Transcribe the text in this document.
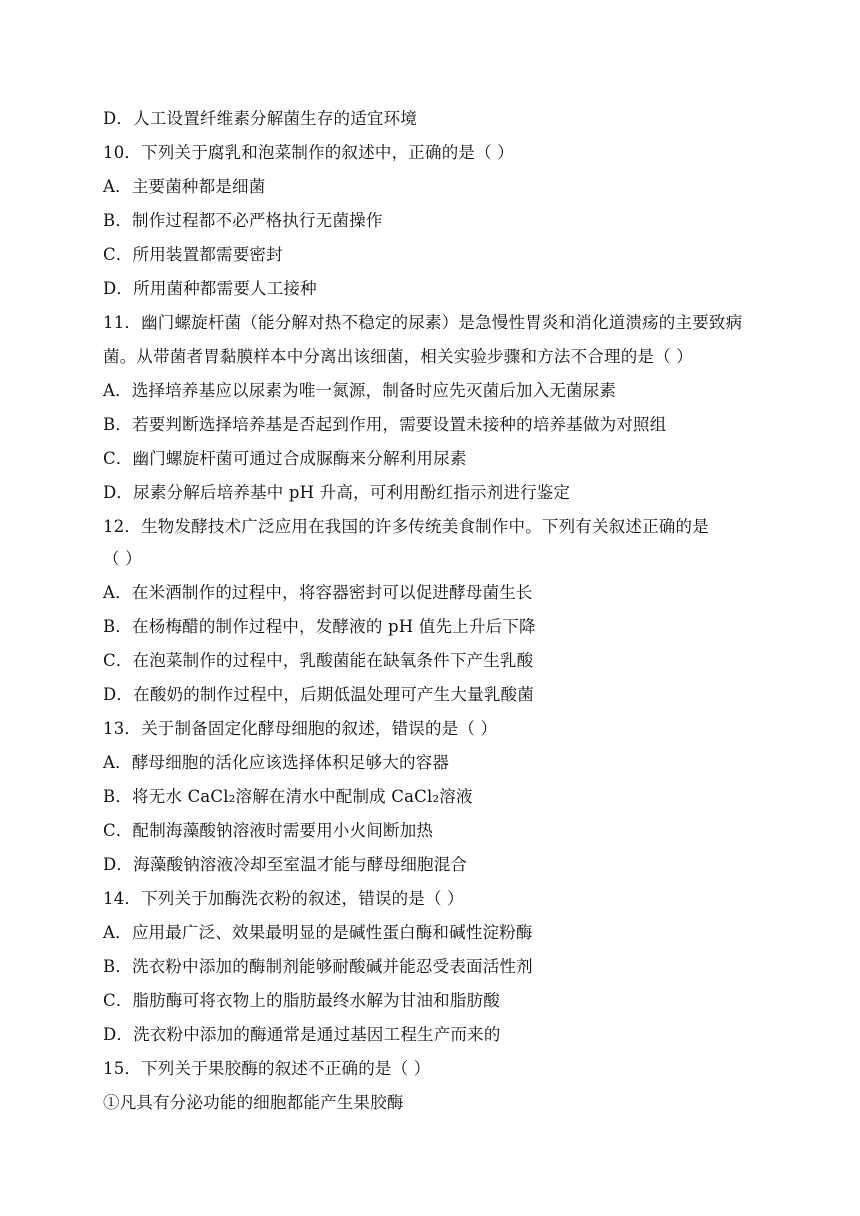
D．人工设置纤维素分解菌生存的适宜环境
10．下列关于腐乳和泡菜制作的叙述中，正确的是（ ）
A．主要菌种都是细菌
B．制作过程都不必严格执行无菌操作
C．所用装置都需要密封
D．所用菌种都需要人工接种
11．幽门螺旋杆菌（能分解对热不稳定的尿素）是急慢性胃炎和消化道溃疡的主要致病
菌。从带菌者胃黏膜样本中分离出该细菌，相关实验步骤和方法不合理的是（ ）
A．选择培养基应以尿素为唯一氮源，制备时应先灭菌后加入无菌尿素
B．若要判断选择培养基是否起到作用，需要设置未接种的培养基做为对照组
C．幽门螺旋杆菌可通过合成脲酶来分解利用尿素
D．尿素分解后培养基中 pH 升高，可利用酚红指示剂进行鉴定
12．生物发酵技术广泛应用在我国的许多传统美食制作中。下列有关叙述正确的是
（ ）
A．在米酒制作的过程中，将容器密封可以促进酵母菌生长
B．在杨梅醋的制作过程中，发酵液的 pH 值先上升后下降
C．在泡菜制作的过程中，乳酸菌能在缺氧条件下产生乳酸
D．在酸奶的制作过程中，后期低温处理可产生大量乳酸菌
13．关于制备固定化酵母细胞的叙述，错误的是（ ）
A．酵母细胞的活化应该选择体积足够大的容器
B．将无水 CaCl₂溶解在清水中配制成 CaCl₂溶液
C．配制海藻酸钠溶液时需要用小火间断加热
D．海藻酸钠溶液冷却至室温才能与酵母细胞混合
14．下列关于加酶洗衣粉的叙述，错误的是（ ）
A．应用最广泛、效果最明显的是碱性蛋白酶和碱性淀粉酶
B．洗衣粉中添加的酶制剂能够耐酸碱并能忍受表面活性剂
C．脂肪酶可将衣物上的脂肪最终水解为甘油和脂肪酸
D．洗衣粉中添加的酶通常是通过基因工程生产而来的
15．下列关于果胶酶的叙述不正确的是（ ）
①凡具有分泌功能的细胞都能产生果胶酶
